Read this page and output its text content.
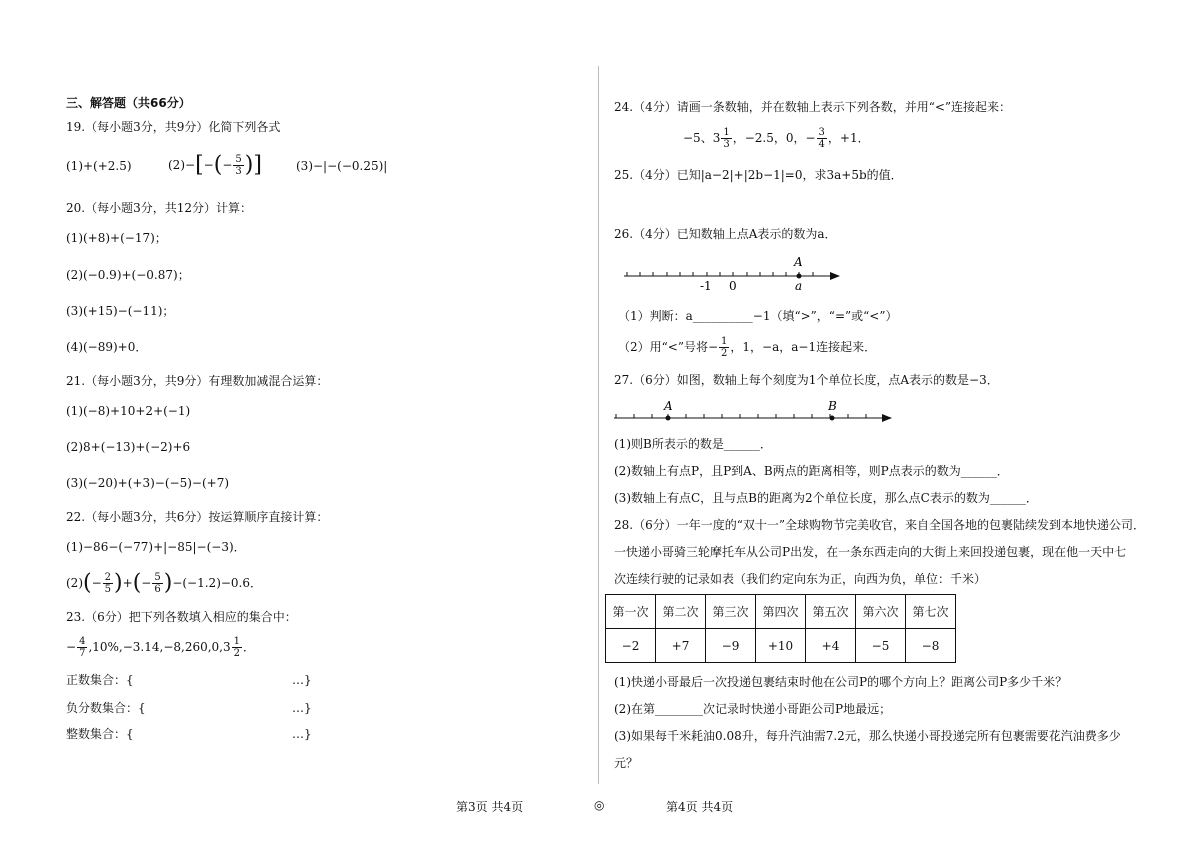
三、解答题（共66分）
19.（每小题3分，共9分）化简下列各式
(1)+(+2.5)	$(2)-[-(- \frac{5}{3}$ )]	(3)−|−(−0.25)|
20.（每小题3分，共12分）计算：
(1)(+8)+(−17)；
(2)(−0.9)+(−0.87)；
(3)(+15)−(−11)；
(4)(−89)+0．
21.（每小题3分，共9分）有理数加减混合运算：
(1)(−8)+10+2+(−1)
(2)8+(−13)+(−2)+6
(3)(−20)+(+3)−(−5)−(+7)
22.（每小题3分，共6分）按运算顺序直接计算：
(1)−86−(−77)+|−85|−(−3)．
$(2)(- \frac{2}{5}$ )+(− $\frac{5}{6} )-(-1.2)-0.6$．
23.（6分）把下列各数填入相应的集合中：
− $\frac{4}{7} ,10\%,-3.14,-8,260,0,3 \frac{1}{2}$ ．
正数集合：{	…}
负分数集合：{	…}
整数集合：{	…}
24.（4分）请画一条数轴，并在数轴上表示下列各数，并用“<”连接起来：
−5、$3 \frac{1}{3}$ ，−2.5，0，− $\frac{3}{4}$ ，+1．
25.（4分）已知|a−2|+|2b−1|=0，求3a+5b的值．
26.（4分）已知数轴上点A表示的数为a．
A
a
-1 0
（1）判断：a__________−1（填“>”，“=”或“<”）
（2）用“<”号将− $\frac{1}{2}$ ，1，−a，a−1连接起来．
27.（6分）如图，数轴上每个刻度为1个单位长度，点A表示的数是−3．
A	B
(1)则B所表示的数是______．
(2)数轴上有点P，且P到A、B两点的距离相等，则P点表示的数为______．
(3)数轴上有点C，且与点B的距离为2个单位长度，那么点C表示的数为______．
28.（6分）一年一度的“双十一”全球购物节完美收官，来自全国各地的包裹陆续发到本地快递公司．
一快递小哥骑三轮摩托车从公司P出发，在一条东西走向的大街上来回投递包裹，现在他一天中七
次连续行驶的记录如表（我们约定向东为正，向西为负，单位：千米）
第一次	第二次	第三次	第四次	第五次	第六次	第七次
−2	+7	−9	+10	+4	−5	−8
(1)快递小哥最后一次投递包裹结束时他在公司P的哪个方向上？距离公司P多少千米？
(2)在第________次记录时快递小哥距公司P地最远；
(3)如果每千米耗油0.08升，每升汽油需7.2元，那么快递小哥投递完所有包裹需要花汽油费多少
元？
第3页 共4页	◎	第4页 共4页
